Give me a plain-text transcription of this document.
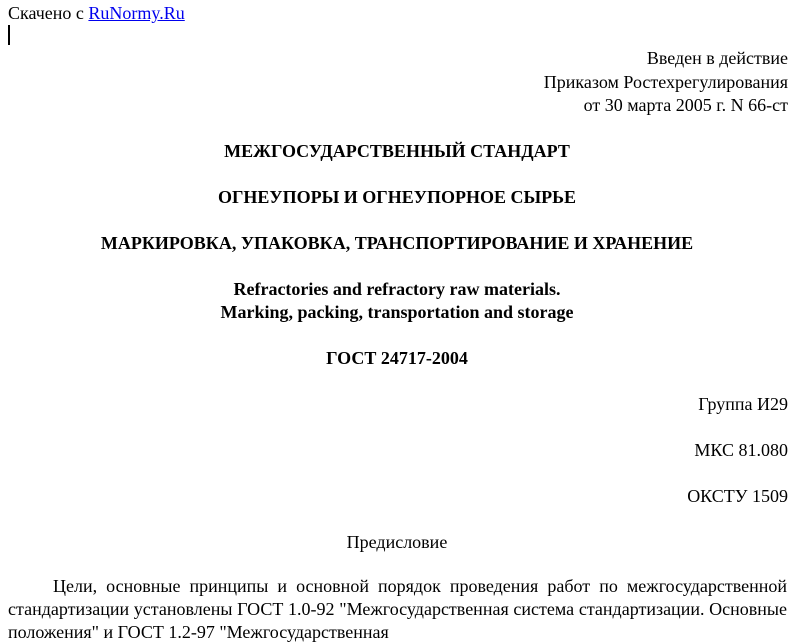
Скачено с RuNormy.Ru
Введен в действие
Приказом Ростехрегулирования
от 30 марта 2005 г. N 66-ст
МЕЖГОСУДАРСТВЕННЫЙ СТАНДАРТ
ОГНЕУПОРЫ И ОГНЕУПОРНОЕ СЫРЬЕ
МАРКИРОВКА, УПАКОВКА, ТРАНСПОРТИРОВАНИЕ И ХРАНЕНИЕ
Refractories and refractory raw materials.
Marking, packing, transportation and storage
ГОСТ 24717-2004
Группа И29
МКС 81.080
ОКСТУ 1509
Предисловие
Цели, основные принципы и основной порядок проведения работ по межгосударственной стандартизации установлены ГОСТ 1.0-92 "Межгосударственная система стандартизации. Основные положения" и ГОСТ 1.2-97 "Межгосударственная
